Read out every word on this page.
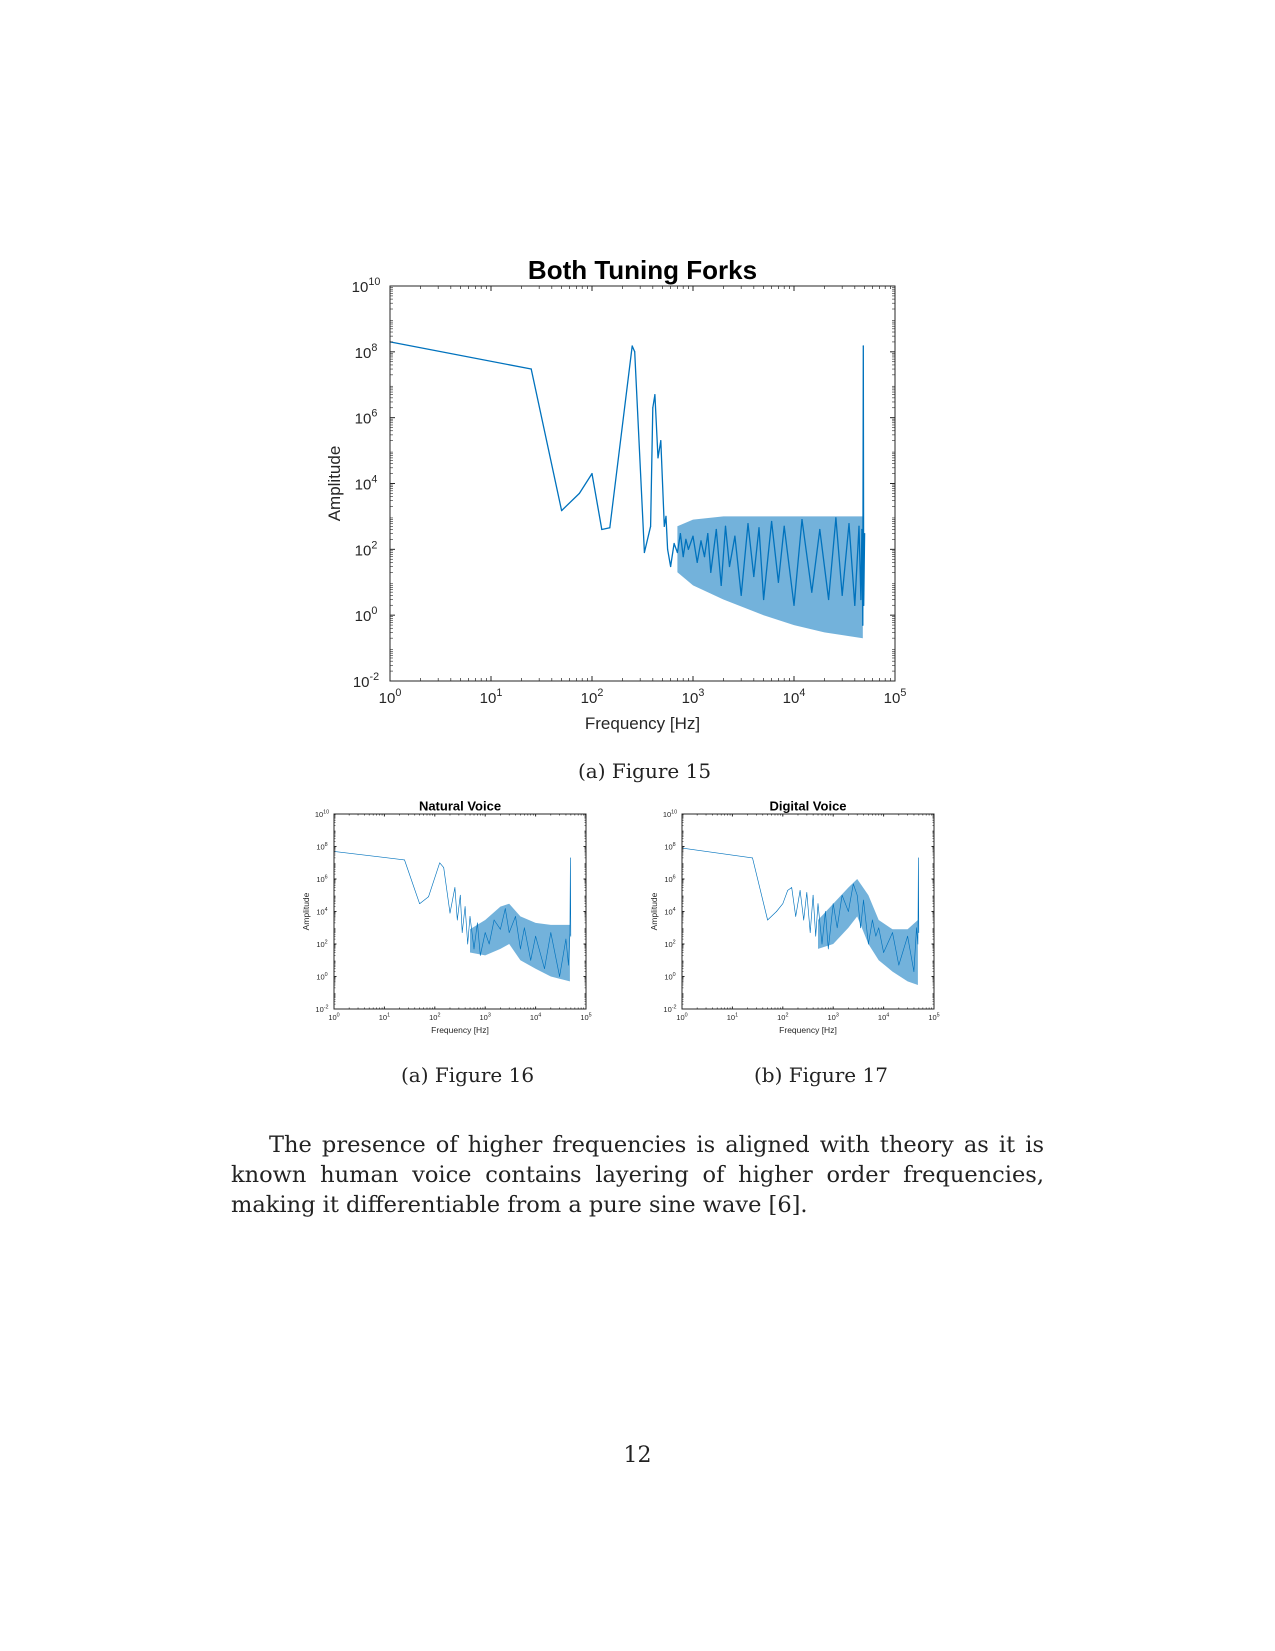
Both Tuning Forks
$10^0$	$10^1$	$10^2$	$10^3$	$10^4$	$10^5$
$10^{-2}$
$10^0$
$10^2$
$10^4$
$10^6$
$10^8$
$10^{10}$
Frequency [Hz]
Amplitude
(a) Figure 15
Natural Voice
$10^0$	$10^1$	$10^2$	$10^3$	$10^4$	$10^5$
$10^{-2}$
$10^0$
$10^2$
$10^4$
$10^6$
$10^8$
$10^{10}$
Frequency [Hz]
Amplitude
(a) Figure 16
Digital Voice
$10^0$	$10^1$	$10^2$	$10^3$	$10^4$	$10^5$
$10^{-2}$
$10^0$
$10^2$
$10^4$
$10^6$
$10^8$
$10^{10}$
Frequency [Hz]
Amplitude
(b) Figure 17
The presence of higher frequencies is aligned with theory as it is known human voice contains layering of higher order frequencies, making it differentiable from a pure sine wave [6].
12
